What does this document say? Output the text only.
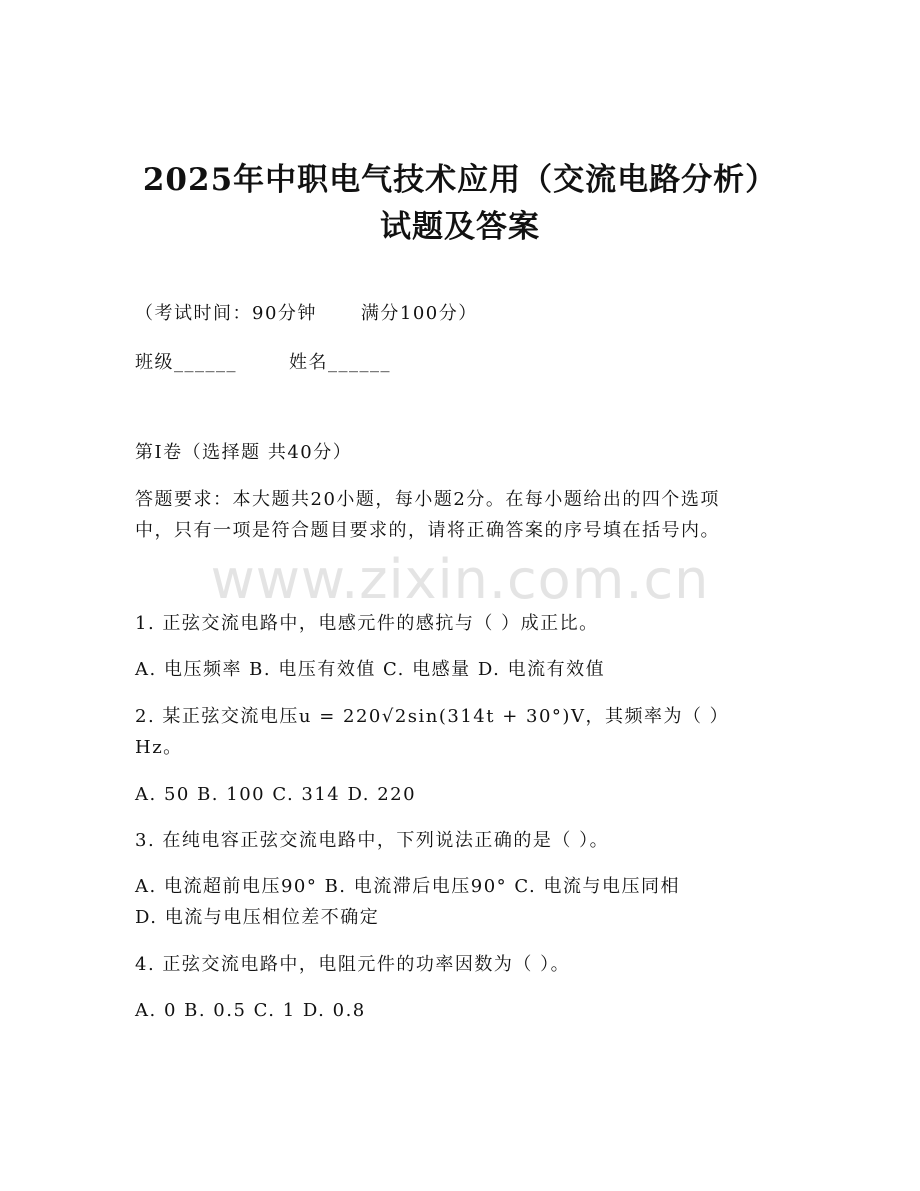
2025年中职电气技术应用（交流电路分析）
试题及答案
（考试时间：90分钟 满分100分）
班级______	姓名______
第I卷（选择题 共40分）
答题要求：本大题共20小题，每小题2分。在每小题给出的四个选项
中，只有一项是符合题目要求的，请将正确答案的序号填在括号内。
www.zixin.com.cn
1. 正弦交流电路中，电感元件的感抗与（ ）成正比。
A. 电压频率 B. 电压有效值 C. 电感量 D. 电流有效值
2. 某正弦交流电压u = 220√2sin(314t + 30°)V，其频率为（ ）
Hz。
A. 50 B. 100 C. 314 D. 220
3. 在纯电容正弦交流电路中，下列说法正确的是（ ）。
A. 电流超前电压90° B. 电流滞后电压90° C. 电流与电压同相
D. 电流与电压相位差不确定
4. 正弦交流电路中，电阻元件的功率因数为（ ）。
A. 0 B. 0.5 C. 1 D. 0.8
